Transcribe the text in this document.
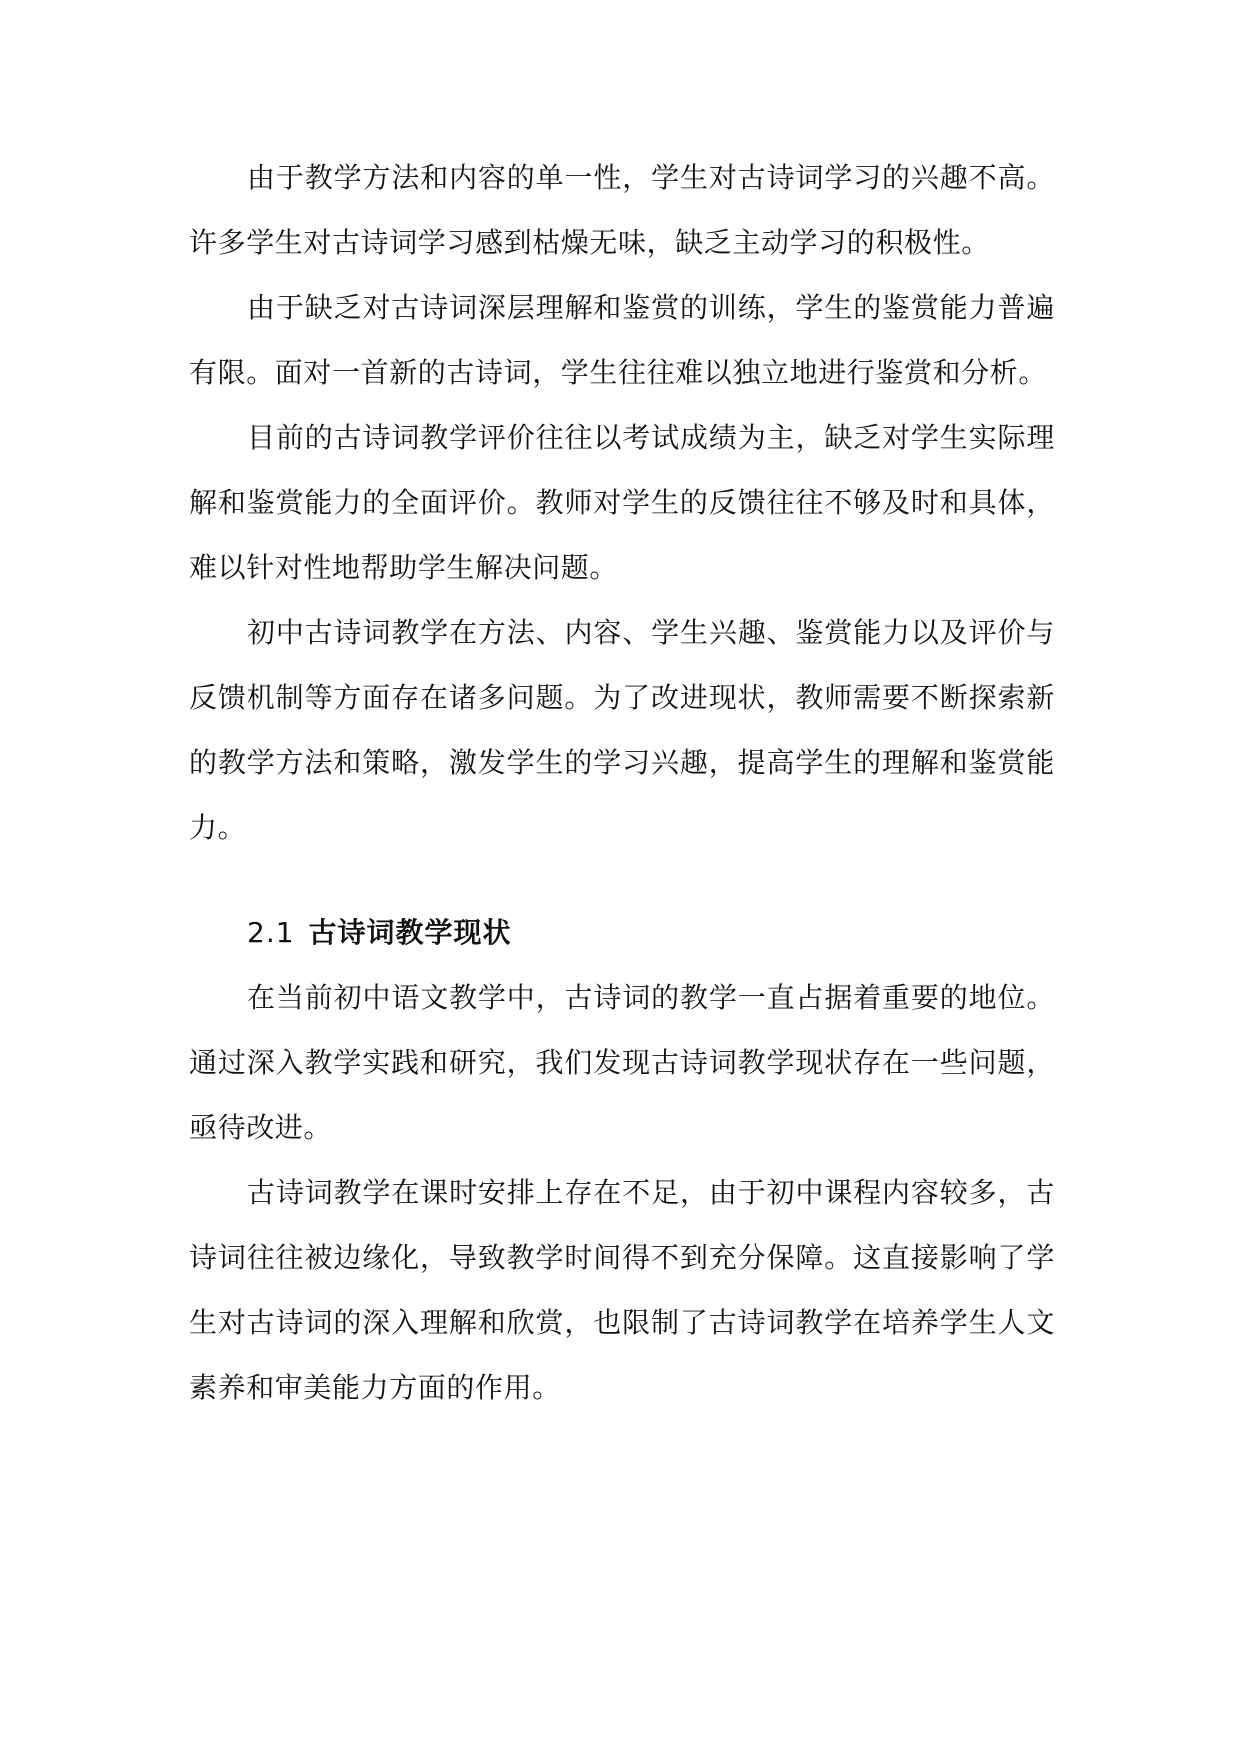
由于教学方法和内容的单一性，学生对古诗词学习的兴趣不高。许多学生对古诗词学习感到枯燥无味，缺乏主动学习的积极性。

由于缺乏对古诗词深层理解和鉴赏的训练，学生的鉴赏能力普遍有限。面对一首新的古诗词，学生往往难以独立地进行鉴赏和分析。

目前的古诗词教学评价往往以考试成绩为主，缺乏对学生实际理解和鉴赏能力的全面评价。教师对学生的反馈往往不够及时和具体，难以针对性地帮助学生解决问题。

初中古诗词教学在方法、内容、学生兴趣、鉴赏能力以及评价与反馈机制等方面存在诸多问题。为了改进现状，教师需要不断探索新的教学方法和策略，激发学生的学习兴趣，提高学生的理解和鉴赏能力。

2.1 古诗词教学现状

在当前初中语文教学中，古诗词的教学一直占据着重要的地位。通过深入教学实践和研究，我们发现古诗词教学现状存在一些问题，亟待改进。

古诗词教学在课时安排上存在不足，由于初中课程内容较多，古诗词往往被边缘化，导致教学时间得不到充分保障。这直接影响了学生对古诗词的深入理解和欣赏，也限制了古诗词教学在培养学生人文素养和审美能力方面的作用。
